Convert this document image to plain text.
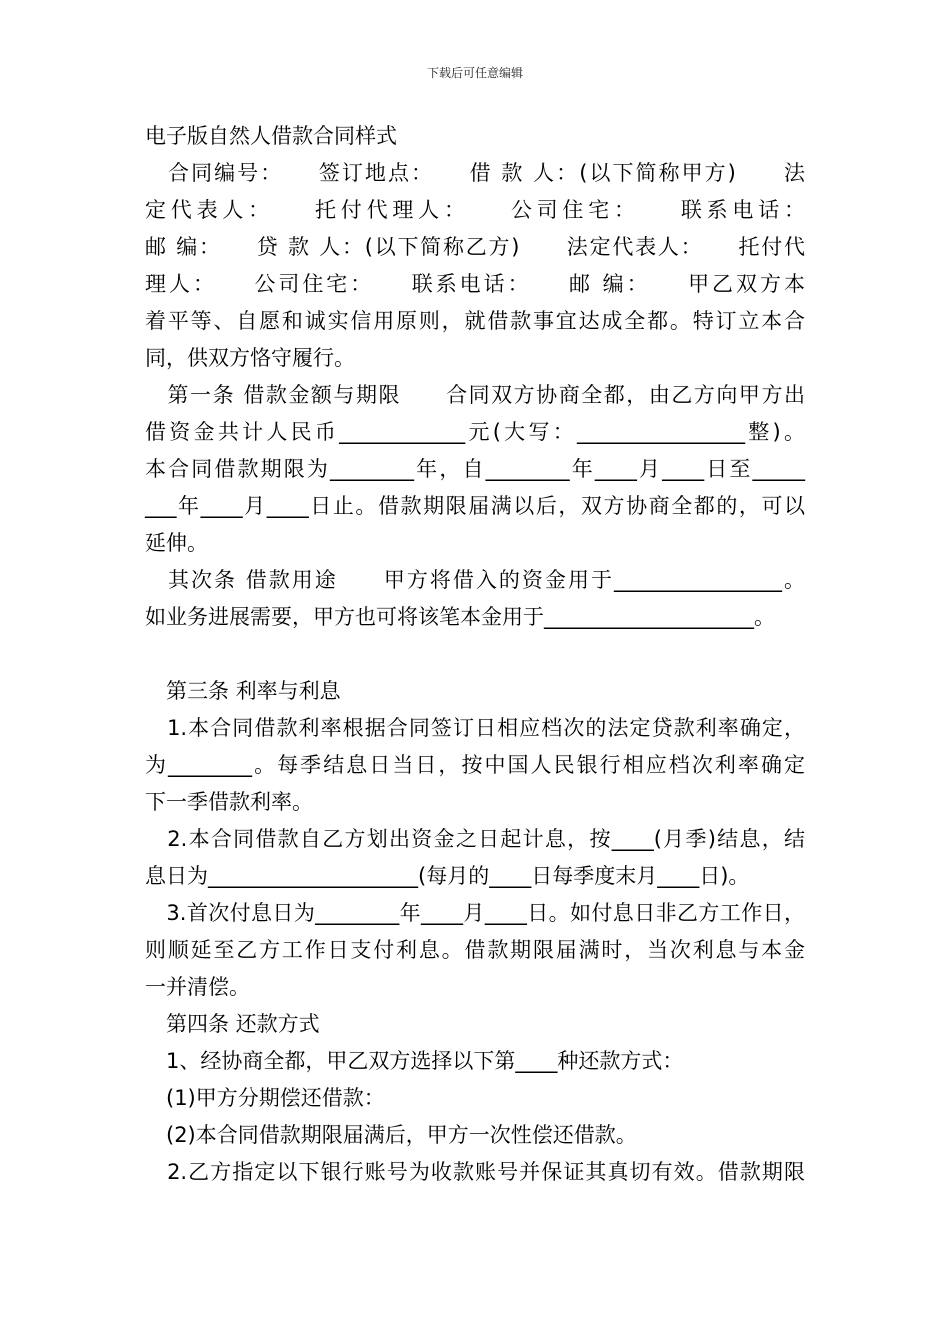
下载后可任意编辑
电子版自然人借款合同样式
　合同编号：　　签订地点：　　借 款 人：(以下简称甲方)　　法
定代表人：　　托付代理人：　　公司住宅：　　联系电话：
邮 编：　　贷 款 人：(以下简称乙方)　　法定代表人：　　托付代
理人：　　公司住宅：　　联系电话：　　邮 编：　　甲乙双方本
着平等、自愿和诚实信用原则，就借款事宜达成全都。特订立本合
同，供双方恪守履行。
　第一条 借款金额与期限　　合同双方协商全都，由乙方向甲方出
借资金共计人民币____________元(大写：________________整)。
本合同借款期限为________年，自________年____月____日至_____
___年____月____日止。借款期限届满以后，双方协商全都的，可以
延伸。
　其次条 借款用途　　甲方将借入的资金用于________________。
如业务进展需要，甲方也可将该笔本金用于____________________。
　第三条 利率与利息
　1.本合同借款利率根据合同签订日相应档次的法定贷款利率确定，
为________。每季结息日当日，按中国人民银行相应档次利率确定
下一季借款利率。
　2.本合同借款自乙方划出资金之日起计息，按____(月季)结息，结
息日为____________________(每月的____日每季度末月____日)。
　3.首次付息日为________年____月____日。如付息日非乙方工作日，
则顺延至乙方工作日支付利息。借款期限届满时，当次利息与本金
一并清偿。
　第四条 还款方式
　1、经协商全都，甲乙双方选择以下第____种还款方式：
　(1)甲方分期偿还借款：
　(2)本合同借款期限届满后，甲方一次性偿还借款。
　2.乙方指定以下银行账号为收款账号并保证其真切有效。借款期限
